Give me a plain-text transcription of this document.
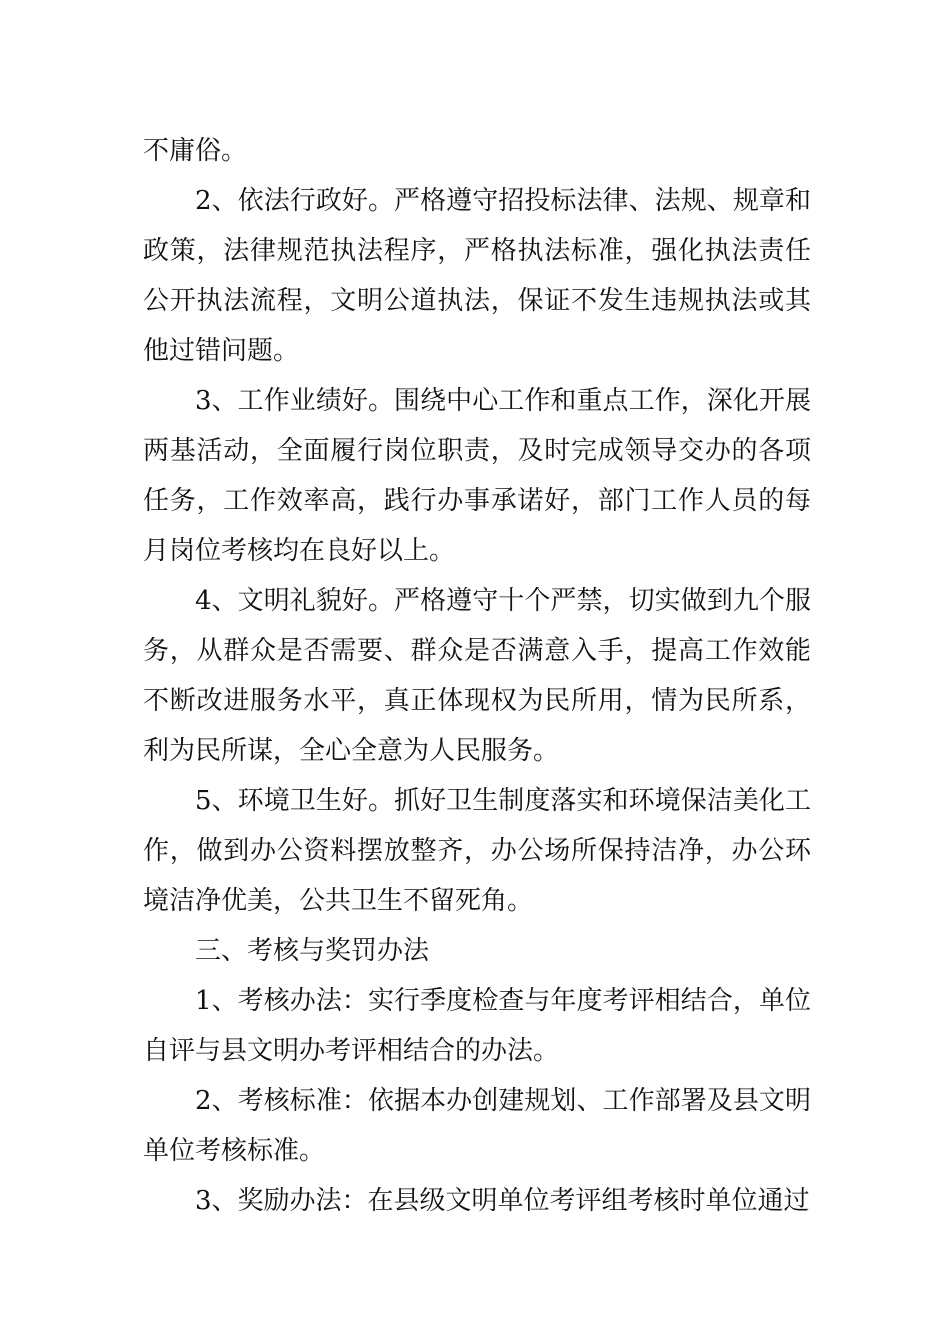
不庸俗。

2、依法行政好。严格遵守招投标法律、法规、规章和政策，法律规范执法程序，严格执法标准，强化执法责任公开执法流程，文明公道执法，保证不发生违规执法或其他过错问题。

3、工作业绩好。围绕中心工作和重点工作，深化开展两基活动，全面履行岗位职责，及时完成领导交办的各项任务，工作效率高，践行办事承诺好，部门工作人员的每月岗位考核均在良好以上。

4、文明礼貌好。严格遵守十个严禁，切实做到九个服务，从群众是否需要、群众是否满意入手，提高工作效能不断改进服务水平，真正体现权为民所用，情为民所系，利为民所谋，全心全意为人民服务。

5、环境卫生好。抓好卫生制度落实和环境保洁美化工作，做到办公资料摆放整齐，办公场所保持洁净，办公环境洁净优美，公共卫生不留死角。

三、考核与奖罚办法

1、考核办法：实行季度检查与年度考评相结合，单位自评与县文明办考评相结合的办法。

2、考核标准：依据本办创建规划、工作部署及县文明单位考核标准。

3、奖励办法：在县级文明单位考评组考核时单位通过
